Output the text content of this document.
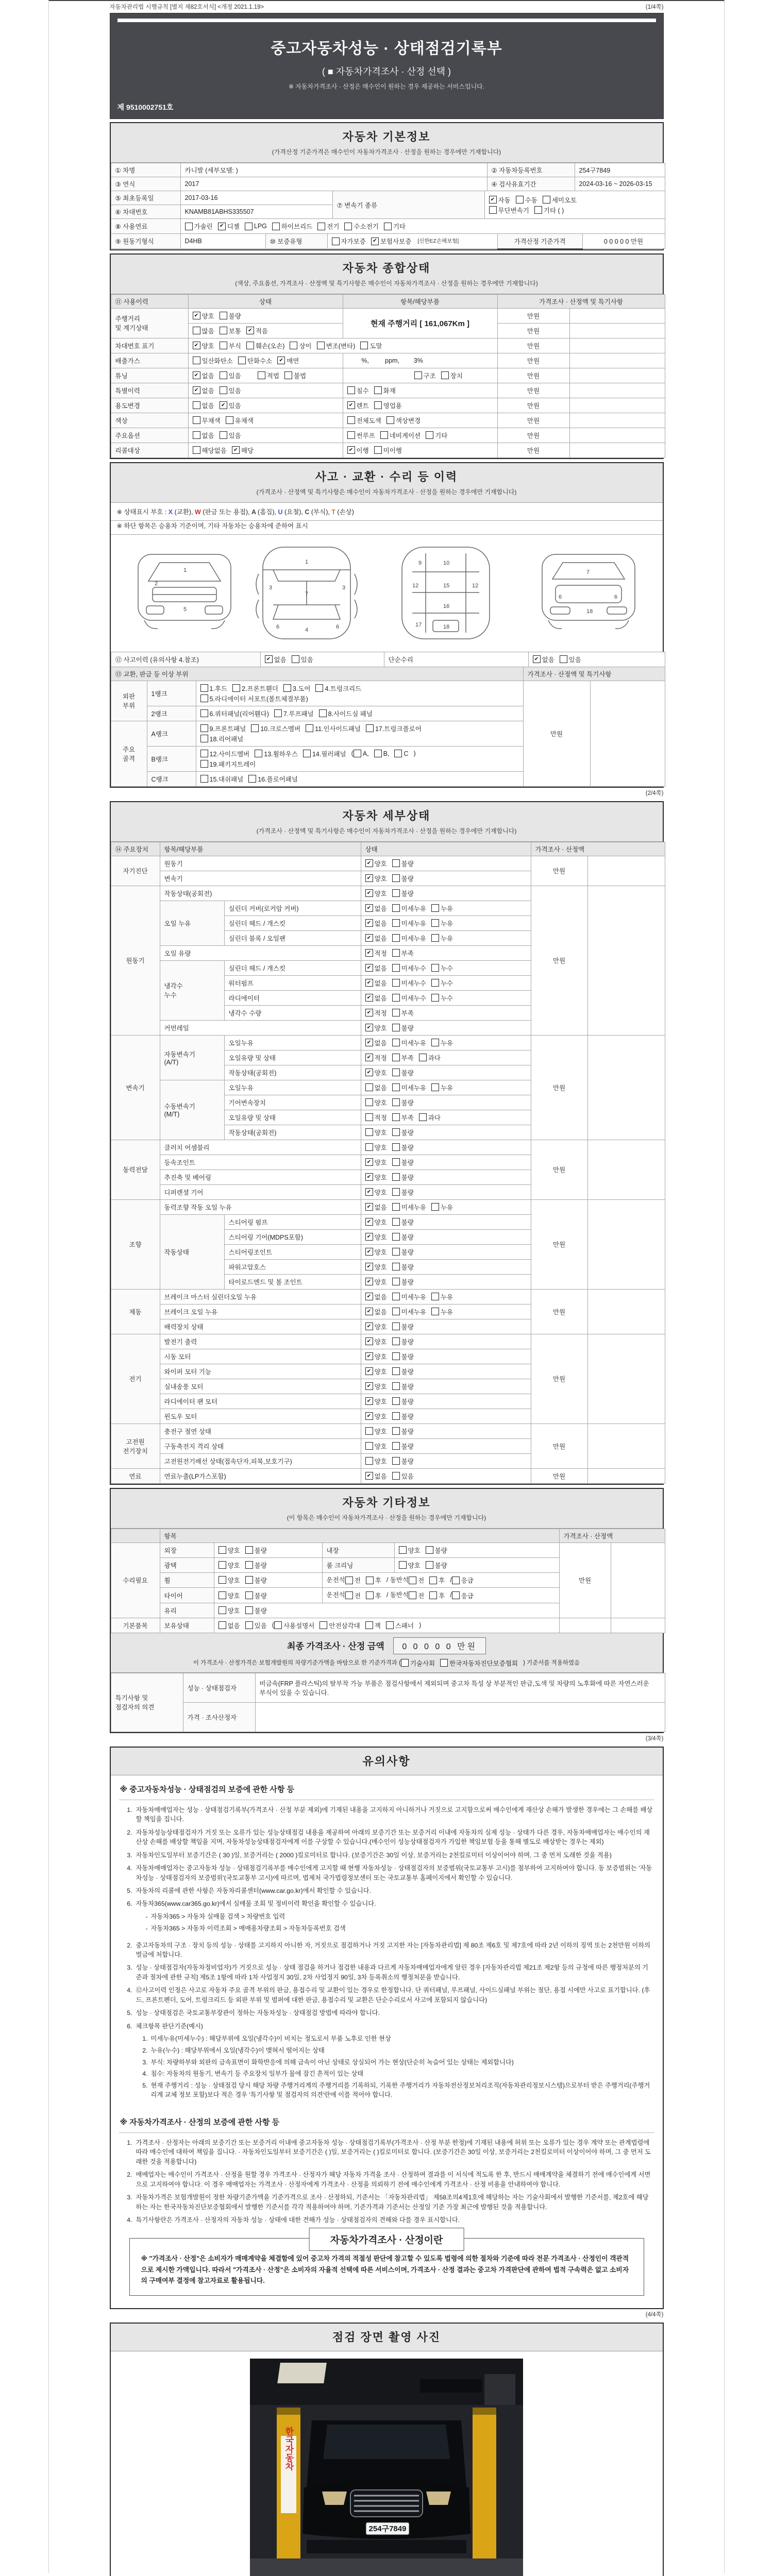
자동차관리법 시행규칙 [별지 제82호서식] <개정 2021.1.19>	(1/4쪽)
중고자동차성능 · 상태점검기록부
( ■ 자동차가격조사 · 산정 선택 )
※ 자동차가격조사 · 산정은 매수인이 원하는 경우 제공하는 서비스입니다.
제 9510002751호
자동차 기본정보
(가격산정 기준가격은 매수인이 자동차가격조사 · 산정을 원하는 경우에만 기재합니다)
① 차명	카니발 (세부모델: )	② 자동차등록번호	254구7849
③ 연식	2017	④ 검사유효기간	2024-03-16 ~ 2026-03-15
⑤ 최초등록일	2017-03-16	⑦ 변속기 종류	
✔ 자동 수동 세미오토

무단변속기 기타 ( )

⑥ 차대번호	KNAMB81ABHS335507		
⑧ 사용연료	가솔린	✔ 디젤 LPG 하이브리드 전기 수소전기 기타
⑨ 원동기형식	D4HB	⑩ 보증유형	자가보증	✔ 보험사보증 [신한EZ손해보험]	가격산정 기준가격	0 0 0 0 0 만원
자동차 종합상태
(색상, 주요옵션, 가격조사 · 산정액 및 특기사항은 매수인이 자동차가격조사 · 산정을 원하는 경우에만 기재합니다)
⑪ 사용이력	상태	항목/해당부품	가격조사 · 산정액 및 특기사항	
주행거리
및 계기상태	✔ 양호 불량	현재 주행거리 [ 161,067Km ]	만원	

	많음 보통 ✔ 적음		만원	
차대번호 표기	✔ 양호 부식 훼손(오손) 상이 변조(변타) 도말	만원	
배출가스	일산화탄소 탄화수소 ✔ 매연	%,         ppm,        3%	만원	
튜닝	✔ 없음 있음 적법 불법	구조 장치	만원	
특별이력	✔ 없음 있음	침수 화재	만원	
용도변경	없음 ✔ 있음	✔ 렌트 영업용	만원	
색상	무채색 유채색	전체도색 색상변경	만원	
주요옵션	없음 있음	썬루프 네비게이션 기타	만원	
리콜대상	해당없음 ✔ 해당	✔ 이행 미이행	만원	
사고 · 교환 · 수리 등 이력
(가격조사 · 산정액 및 특기사항은 매수인이 자동차가격조사 · 산정을 원하는 경우에만 기재합니다)
※ 상태표시 부호 : X (교환), W (판금 또는 용접), A (흠집), U (요철), C (부식), T (손상)
※ 하단 항목은 승용차 기준이며, 기타 자동차는 승용차에 준하여 표시
1
2
5
1
7
4
3	3
6	6
9	10
12	12
15
16
17	18
7
6	6
18
⑫ 사고이력 (유의사항 4.참조)	✔ 없음 있음	단순수리	✔ 없음 있음
⑬ 교환, 판금 등 이상 부위			가격조사 · 산정액 및 특기사항	
외판
부위	1랭크	1.후드 2.프론트휀더 3.도어 4.트렁크리드

5.라디에이터 서포트(볼트체결부품)	만원	
	2랭크	6.쿼터패널(리어휀다) 7.루프패널 8.사이드실 패널		

주요
골격	A랭크	9.프론트패널 10.크로스멤버 11.인사이드패널 17.트렁크플로어

18.리어패널		

B랭크	
12.사이드멤버 13.휠하우스 14.필러패널 ( A, B, C )

19.패키지트레이

	C랭크	15.대쉬패널 16.플로어패널		
(2/4쪽)
자동차 세부상태
(가격조사 · 산정액 및 특기사항은 매수인이 자동차가격조사 · 산정을 원하는 경우에만 기재합니다)
⑭ 주요장치	항목/해당부품		상태	가격조사 · 산정액	
자기진단	원동기		✔ 양호 불량	만원	
	변속기		✔ 양호 불량		

원동기	작동상태(공회전)		✔ 양호 불량	만원	
	오일 누유	실린더 커버(로커암 커버)	✔ 없음 미세누유 누유		

		실린더 헤드 / 개스킷	✔ 없음 미세누유 누유		

		실린더 블록 / 오일팬	✔ 없음 미세누유 누유		

	오일 유량		✔ 적정 부족		

	냉각수
누수	실린더 헤드 / 개스킷	✔ 없음 미세누수 누수		

		워터펌프	✔ 없음 미세누수 누수		

		라디에이터	✔ 없음 미세누수 누수		

		냉각수 수량	✔ 적정 부족		

	커먼레일		✔ 양호 불량		

변속기	자동변속기
(A/T)	오일누유	✔ 없음 미세누유 누유	만원	
		오일유량 및 상태	✔ 적정 부족 과다		

		작동상태(공회전)	✔ 양호 불량		

	수동변속기
(M/T)	오일누유	없음 미세누유 누유		

		기어변속장치	양호 불량		

		오일유량 및 상태	적정 부족 과다		

		작동상태(공회전)	양호 불량		

동력전달	클러치 어셈블리		양호 불량	만원	
	등속조인트		✔ 양호 불량		

	추진축 및 베어링		✔ 양호 불량		

	디퍼렌셜 기어		✔ 양호 불량		

조향	동력조향 작동 오일 누유		✔ 없음 미세누유 누유	만원	
	작동상태	스티어링 펌프	✔ 양호 불량		

		스티어링 기어(MDPS포함)	✔ 양호 불량		

		스티어링조인트	✔ 양호 불량		

		파워고압호스	✔ 양호 불량		

		타이로드엔드 및 볼 조인트	✔ 양호 불량		

제동	브레이크 마스터 실린더오일 누유		✔ 없음 미세누유 누유	만원	
	브레이크 오일 누유		✔ 없음 미세누유 누유		

	배력장치 상태		✔ 양호 불량		

전기	발전기 출력		✔ 양호 불량	만원	
	시동 모터		✔ 양호 불량		

	와이퍼 모터 기능		✔ 양호 불량		

	실내송풍 모터		✔ 양호 불량		

	라디에이터 팬 모터		✔ 양호 불량		

	윈도우 모터		✔ 양호 불량		

고전원
전기장치	충전구 절연 상태		양호 불량	만원	
	구동축전지 격리 상태		양호 불량		

	고전원전기배선 상태(접속단자,피복,보호기구)		양호 불량		

연료	연료누출(LP가스포함)		✔ 없음 있음	만원	
자동차 기타정보
(이 항목은 매수인이 자동차가격조사 · 산정을 원하는 경우에만 기재합니다)
	항목				가격조사 · 산정액	
수리필요	외장	양호 불량	내장	양호 불량	만원	
	광택	양호 불량	룸 크리닝	양호 불량		

휠	양호 불량	운전석 전 후 / 동반석 전 후 / 응급

타이어	양호 불량	운전석 전 후 / 동반석 전 후 / 응급

	유리	양호 불량				

기본품목	보유상태	없음 있음 ( 사용설명서 안전삼각대 잭 스패너 )		
최종 가격조사 · 산정 금액 0 0 0 0 0 만원
이 가격조사 · 산정가격은 보험개발원의 차량기준가액을 바탕으로 한 기준가격과 ( 기술사회 한국자동차진단보증협회 ) 기준서를 적용하였음
특기사항 및
점검자의 의견	성능 · 상태점검자	비금속(FRP 플라스틱)의 탈부착 가능 부품은 점검사항에서 제외되며 중고차 특성 상 부분적인 판금,도색 및 차량의 노후화에 따른 자연스러운 부식이 있을 수 있습니다.
	가격 · 조사산정자	
(3/4쪽)
유의사항
※ 중고자동차성능 · 상태점검의 보증에 관한 사항 등
1. 자동차매매업자는 성능 · 상태점검기록부(가격조사 · 산정 부분 제외)에 기재된 내용을 고지하지 아니하거나 거짓으로 고지함으로써 매수인에게 재산상 손해가 발생한 경우에는 그 손해를 배상할 책임을 집니다.
2. 자동차성능상태점검자가 거짓 또는 오류가 있는 성능상태점검 내용을 제공하여 아래의 보증기간 또는 보증거리 이내에 자동차의 실제 성능 · 상태가 다른 경우, 자동차매매업자는 매수인의 재산상 손해를 배상할 책임을 지며, 자동차성능상태점검자에게 이를 구상할 수 있습니다.(매수인이 성능상태점검자가 가입한 책임보험 등을 통해 별도로 배상받는 경우는 제외)
3. 자동차인도일부터 보증기간은 ( 30 )일, 보증거리는 ( 2000 )킬로미터로 합니다. (보증기간은 30일 이상, 보증거리는 2천킬로미터 이상이어야 하며, 그 중 먼저 도래한 것을 적용)
4. 자동차매매업자는 중고자동차 성능 · 상태점검기록부를 매수인에게 고지할 때 현행 자동차성능 · 상태점검자의 보증범위(국토교통부 고시)를 첨부하여 고지하여야 합니다. 동 보증범위는 '자동차성능 · 상태점검자의 보증범위'(국토교통부 고시)에 따르며, 법제처 국가법령정보센터 또는 국토교통부 홈페이지에서 확인할 수 있습니다.
5. 자동차의 리콜에 관한 사항은 자동차리콜센터(www.car.go.kr)에서 확인할 수 있습니다.
6. 자동차365(www.car365.go.kr)에서 실매물 조회 및 정비이력 확인을 확인할 수 있습니다.
- 자동차365 > 자동차 실매물 검색 > 차량번호 입력
- 자동차365 > 자동차 이력조회 > 매매용차량조회 > 자동차등록번호 검색
2. 중고자동차의 구조 · 장치 등의 성능 · 상태를 고지하지 아니한 자, 거짓으로 점검하거나 거짓 고지한 자는 [자동차관리법] 제 80조 제6호 및 제7호에 따라 2년 이하의 징역 또는 2천만원 이하의 벌금에 처합니다.
3. 성능 · 상태점검자(자동차정비업자)가 거짓으로 성능 · 상태 점검을 하거나 점검한 내용과 다르게 자동차매매업자에게 알린 경우 [자동차관리법 제21조 제2항 등의 규정에 따른 행정처분의 기준과 절차에 관한 규칙] 제5조 1항에 따라 1차 사업정지 30일, 2차 사업정지 90일, 3차 등록취소의 행정처분을 받습니다.
4. ⑫사고이력 인정은 사고로 자동차 주요 골격 부위의 판금, 용접수리 및 교환이 있는 경우로 한정합니다. 단 쿼터패널, 루프패널, 사이드실패널 부위는 절단, 용접 시에만 사고로 표기합니다. (후드, 프론트펜더, 도어, 트렁크리드 등 외판 부위 및 범퍼에 대한 판금, 용접수리 및 교환은 단순수리로서 사고에 포함되지 않습니다)
5. 성능 · 상태점검은 국토교통부장관이 정하는 자동차성능 · 상태점검 방법에 따라야 합니다.
6. 체크항목 판단기준(예시)
1. 미세누유(미세누수) : 해당부위에 오일(냉각수)이 비치는 정도로서 부품 노후로 인한 현상
2. 누유(누수) : 해당부위에서 오일(냉각수)이 맺혀서 떨어지는 상태
3. 부식: 차량하부와 외판의 금속표면이 화학반응에 의해 금속이 아닌 상태로 상실되어 가는 현상(단순히 녹슬어 있는 상태는 제외합니다)
4. 침수: 자동차의 원동기, 변속기 등 주요장치 일부가 물에 잠긴 흔적이 있는 상태
5. 현재 주행거리 : 성능 · 상태점검 당시 해당 차량 주행거리계의 주행거리를 기록하되, 기록한 주행거리가 자동차전산정보처리조직(자동차관리정보시스템)으로부터 받은 주행거리(주행거리계 교체 정보 포함)보다 적은 경우 '특기사항 및 점검자의 의견'란에 이를 적어야 합니다.
※ 자동차가격조사 · 산정의 보증에 관한 사항 등
1. 가격조사 · 산정자는 아래의 보증기간 또는 보증거리 이내에 중고자동차 성능 · 상태점검기록부(가격조사 · 산정 부분 한정)에 기재된 내용에 허위 또는 오류가 있는 경우 계약 또는 관계법령에 따라 매수인에 대하여 책임을 집니다. · 자동차인도일부터 보증기간은 ( )일, 보증거리는 ( )킬로미터로 합니다. (보증기간은 30일 이상, 보증거리는 2천킬로미터 이상이어야 하며, 그 중 먼저 도래한 것을 적용합니다)
2. 매매업자는 매수인이 가격조사 · 산정을 원할 경우 가격조사 · 산정자가 해당 자동차 가격을 조사 · 산정하여 결과를 이 서식에 적도록 한 후, 반드시 매매계약을 체결하기 전에 매수인에게 서면으로 고지하여야 합니다. 이 경우 매매업자는 가격조사 · 산정자에게 가격조사 · 산정을 의뢰하기 전에 매수인에게 가격조사 · 산정 비용을 안내하여야 합니다.
3. 자동차가격은 보험개발원이 정한 차량기준가액을 기준가격으로 조사 · 산정하되, 기준서는 「자동차관리법」 제58조의4제1호에 해당하는 자는 기술사회에서 발행한 기준서를, 제2호에 해당하는 자는 한국자동차진단보증협회에서 발행한 기준서를 각각 적용하여야 하며, 기준가격과 기준서는 산정일 기준 가장 최근에 발행된 것을 적용합니다.
4. 특기사항란은 가격조사 · 산정자의 자동차 성능 · 상태에 대한 견해가 성능 · 상태점검자의 견해와 다를 경우 표시합니다.
자동차가격조사 · 산정이란
※ "가격조사 · 산정"은 소비자가 매매계약을 체결함에 있어 중고차 가격의 적절성 판단에 참고할 수 있도록 법령에 의한 절차와 기준에 따라 전문 가격조사 · 산정인이 객관적으로 제시한 가액입니다. 따라서 "가격조사 · 산정"은 소비자의 자율적 선택에 따른 서비스이며, 가격조사 · 산정 결과는 중고차 가격판단에 관하여 법적 구속력은 없고 소비자의 구매여부 결정에 참고자료로 활용됩니다.
(4/4쪽)
점검 장면 촬영 사진
한국자동차
254구7849
